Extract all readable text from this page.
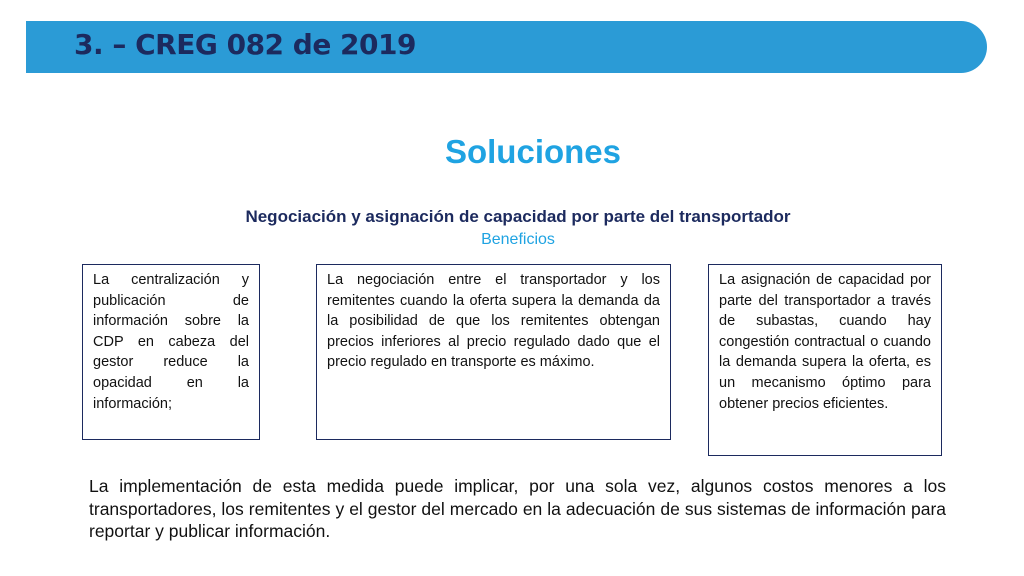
3. – CREG 082 de 2019
Soluciones
Negociación y asignación de capacidad por parte del transportador
Beneficios
La centralización y publicación de información sobre la CDP en cabeza del gestor reduce la opacidad en la información;
La negociación entre el transportador y los remitentes cuando la oferta supera la demanda da la posibilidad de que los remitentes obtengan precios inferiores al precio regulado dado que el precio regulado en transporte es máximo.
La asignación de capacidad por parte del transportador a través de subastas, cuando hay congestión contractual o cuando la demanda supera la oferta, es un mecanismo óptimo para obtener precios eficientes.
La implementación de esta medida puede implicar, por una sola vez, algunos costos menores a los transportadores, los remitentes y el gestor del mercado en la adecuación de sus sistemas de información para reportar y publicar información.
